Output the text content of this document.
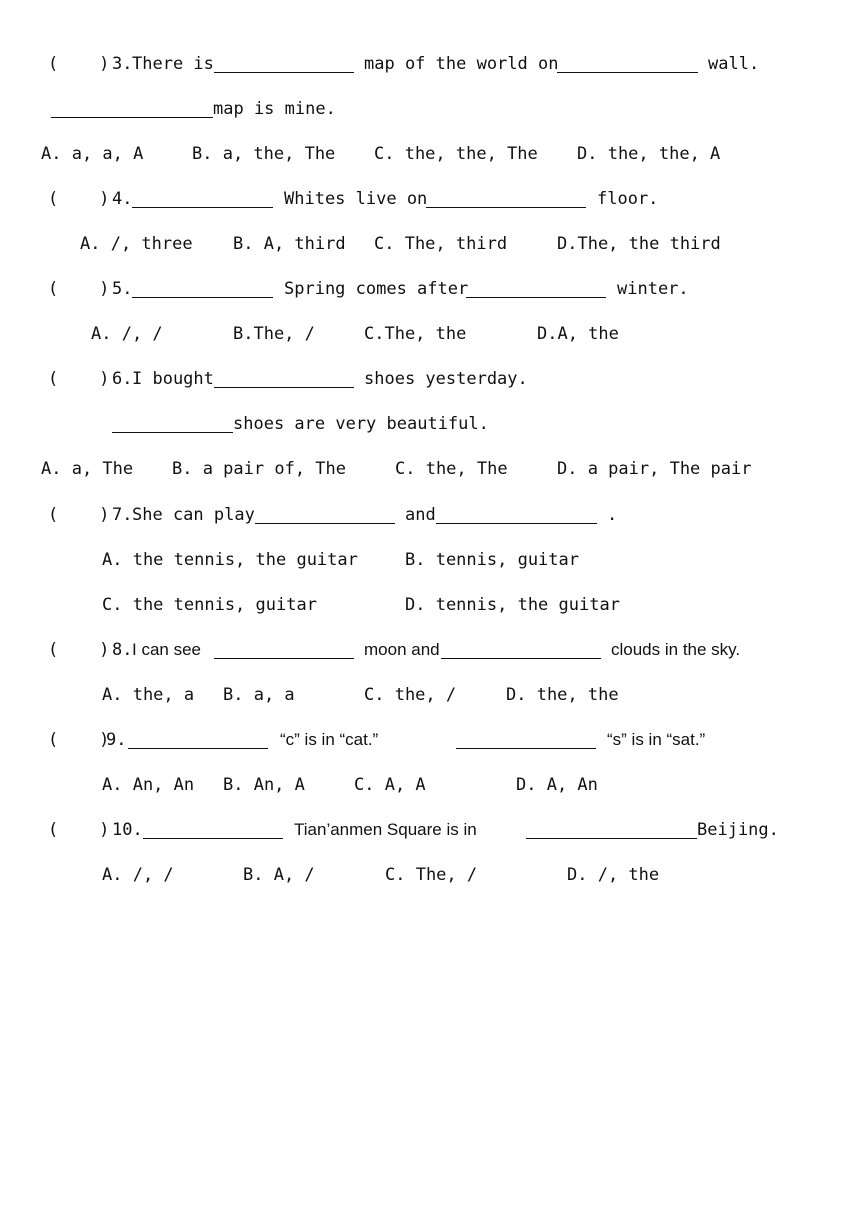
(    )

3.

There is

	map of the world on

	wall.

map is mine.

A. a, a, A

	B. a, the, The

C. the, the, The

D. the, the, A

(    )

4.

	Whites live on

	floor.

A. /, three

B. A, third

C. The, third

	D.The, the third

(    )

5.

	Spring comes after

	winter.

A. /, /

	B.The, /

	C.The, the

	D.A, the

(    )

6.

I bought

	shoes yesterday.

shoes are very beautiful.

A. a, The

B. a pair of, The

	C. the, The

	D. a pair, The pair

(    )

7.

She can play

	and

	.

A. the tennis, the guitar

	B. tennis, guitar

C. the tennis, guitar

	D. tennis, the guitar

(    )

8.

I can see

	moon and

	clouds in the sky.

A. the, a

B. a, a

	C. the, /

	D. the, the

(    )

9.

	“c” is in “cat.”

	“s” is in “sat.”

A. An, An

B. An, A

	C. A, A

	D. A, An

(    )

10.

	Tian’anmen Square is in

	Beijing.

A. /, /

	B. A, /

	C. The, /

	D. /, the
